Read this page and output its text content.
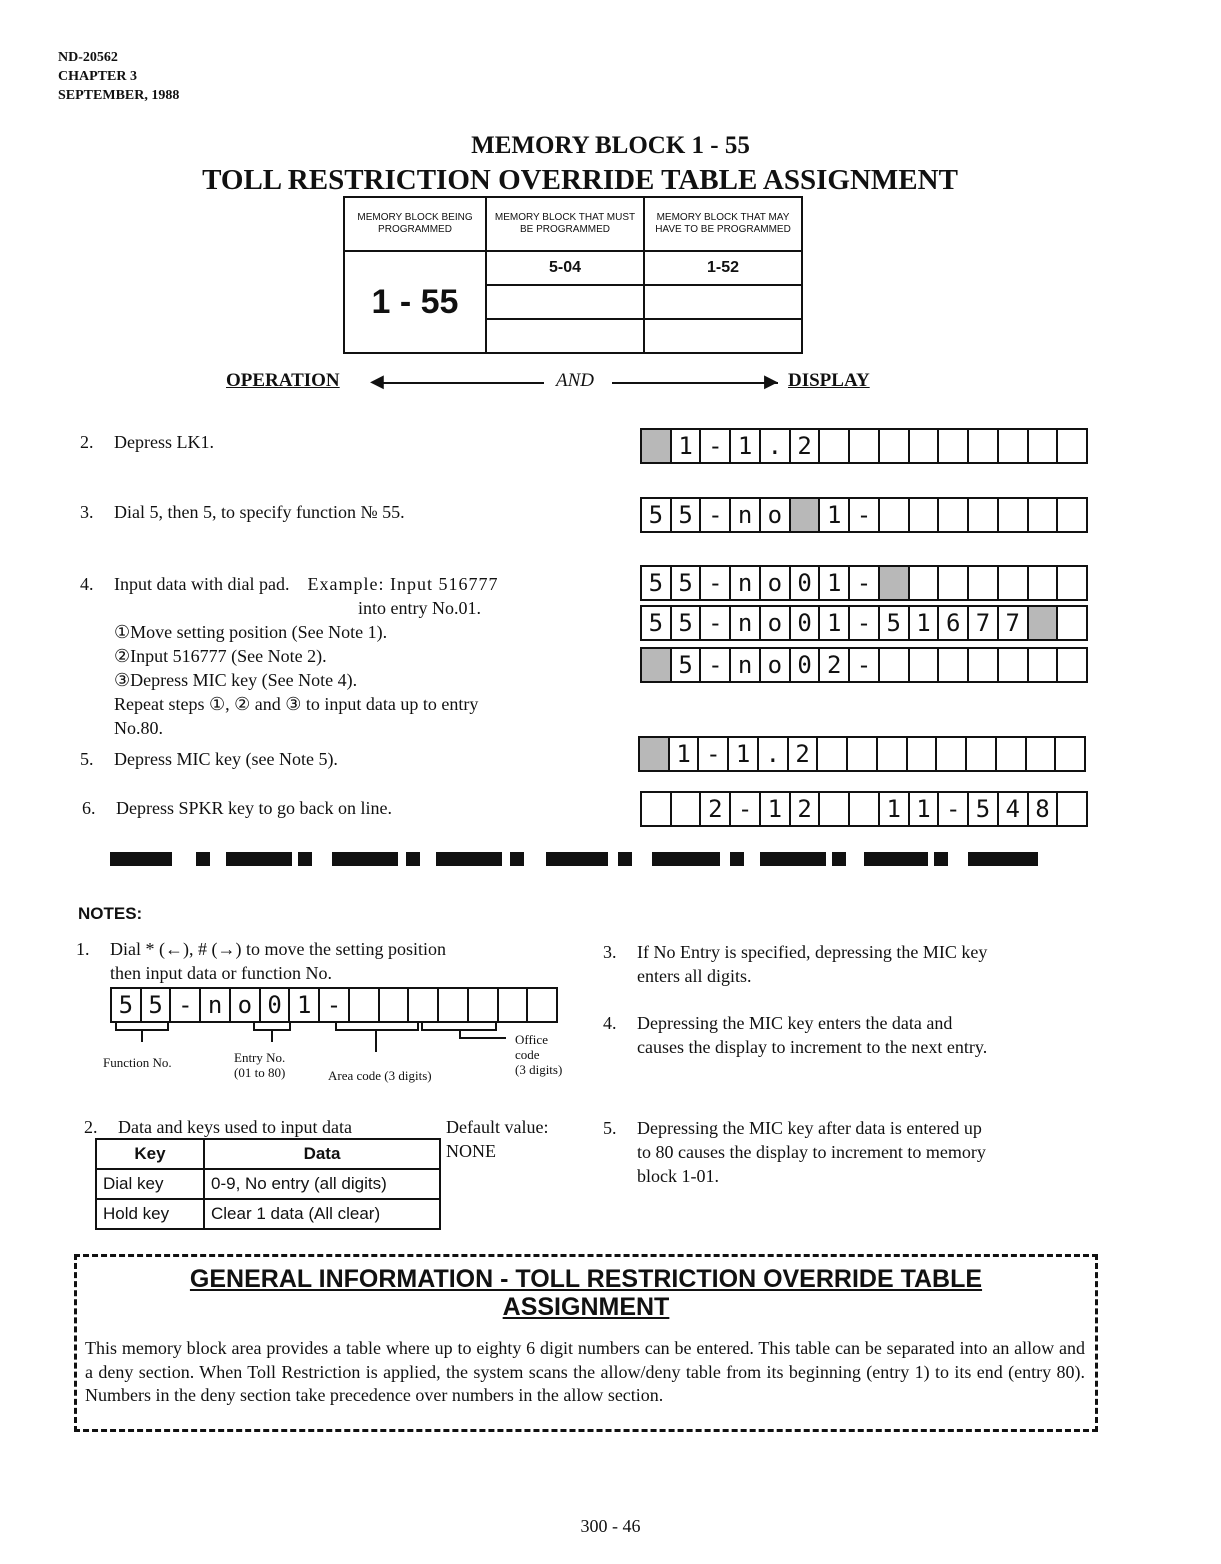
ND-20562
CHAPTER 3
SEPTEMBER, 1988
MEMORY BLOCK 1 - 55
TOLL RESTRICTION OVERRIDE TABLE ASSIGNMENT
MEMORY BLOCK BEING PROGRAMMED	MEMORY BLOCK THAT MUST BE PROGRAMMED	MEMORY BLOCK THAT MAY HAVE TO BE PROGRAMMED
1 - 55	5-04	1-52

OPERATION ◀	AND	▶ DISPLAY
2. Depress LK1.
3. Dial 5, then 5, to specify function № 55.
4. Input data with dial pad. Example: Input 516777
into entry No.01.
①Move setting position (See Note 1).
②Input 516777 (See Note 2).
③Depress MIC key (See Note 4).
Repeat steps ①, ② and ③ to input data up to entry
No.80.
5. Depress MIC key (see Note 5).
6. Depress SPKR key to go back on line.
1 - 1 . 2
5 5 - n o	1 -
5 5 - n o 0 1 -
5 5 - n o 0 1 - 5 1 6 7 7
5 - n o 0 2 -
1 - 1 . 2
2 - 1 2	1 1 - 5 4 8
NOTES:
1. Dial * (←), # (→) to move the setting position
then input data or function No.
5 5 - n o 0 1 -
Function No.	Entry No.
(01 to 80)	Area code (3 digits)
Office
code
(3 digits)
2. Data and keys used to input data	Default value:
NONE
Key	Data
Dial key	0-9, No entry (all digits)
Hold key	Clear 1 data (All clear)
3. If No Entry is specified, depressing the MIC key
enters all digits.
4. Depressing the MIC key enters the data and
causes the display to increment to the next entry.
5. Depressing the MIC key after data is entered up
to 80 causes the display to increment to memory
block 1-01.
GENERAL INFORMATION - TOLL RESTRICTION OVERRIDE TABLE
ASSIGNMENT
This memory block area provides a table where up to eighty 6 digit numbers can be entered. This table can be separated into an allow and a deny section. When Toll Restriction is applied, the system scans the allow/deny table from its beginning (entry 1) to its end (entry 80). Numbers in the deny section take precedence over numbers in the allow section.
300 - 46
